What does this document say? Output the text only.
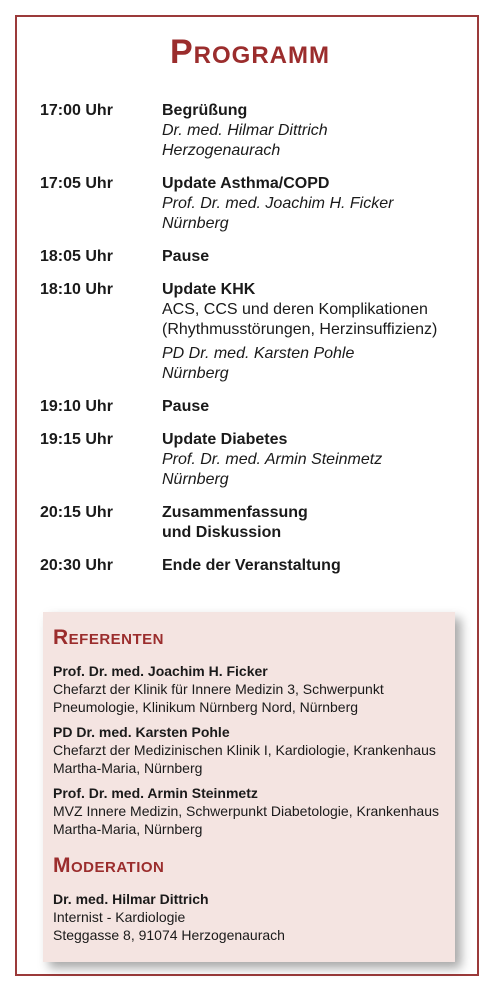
Programm
17:00 Uhr	Begrüßung
Dr. med. Hilmar Dittrich
Herzogenaurach
17:05 Uhr	Update Asthma/COPD
Prof. Dr. med. Joachim H. Ficker
Nürnberg
18:05 Uhr	Pause
18:10 Uhr	Update KHK
ACS, CCS und deren Komplikationen (Rhythmusstörungen, Herzinsuffizienz)
PD Dr. med. Karsten Pohle
Nürnberg
19:10 Uhr	Pause
19:15 Uhr	Update Diabetes
Prof. Dr. med. Armin Steinmetz
Nürnberg
20:15 Uhr	Zusammenfassung und Diskussion
20:30 Uhr	Ende der Veranstaltung
Referenten
Prof. Dr. med. Joachim H. Ficker
Chefarzt der Klinik für Innere Medizin 3, Schwerpunkt Pneumologie, Klinikum Nürnberg Nord, Nürnberg
PD Dr. med. Karsten Pohle
Chefarzt der Medizinischen Klinik I, Kardiologie, Krankenhaus Martha-Maria, Nürnberg
Prof. Dr. med. Armin Steinmetz
MVZ Innere Medizin, Schwerpunkt Diabetologie, Krankenhaus Martha-Maria, Nürnberg
Moderation
Dr. med. Hilmar Dittrich
Internist - Kardiologie
Steggasse 8, 91074 Herzogenaurach
